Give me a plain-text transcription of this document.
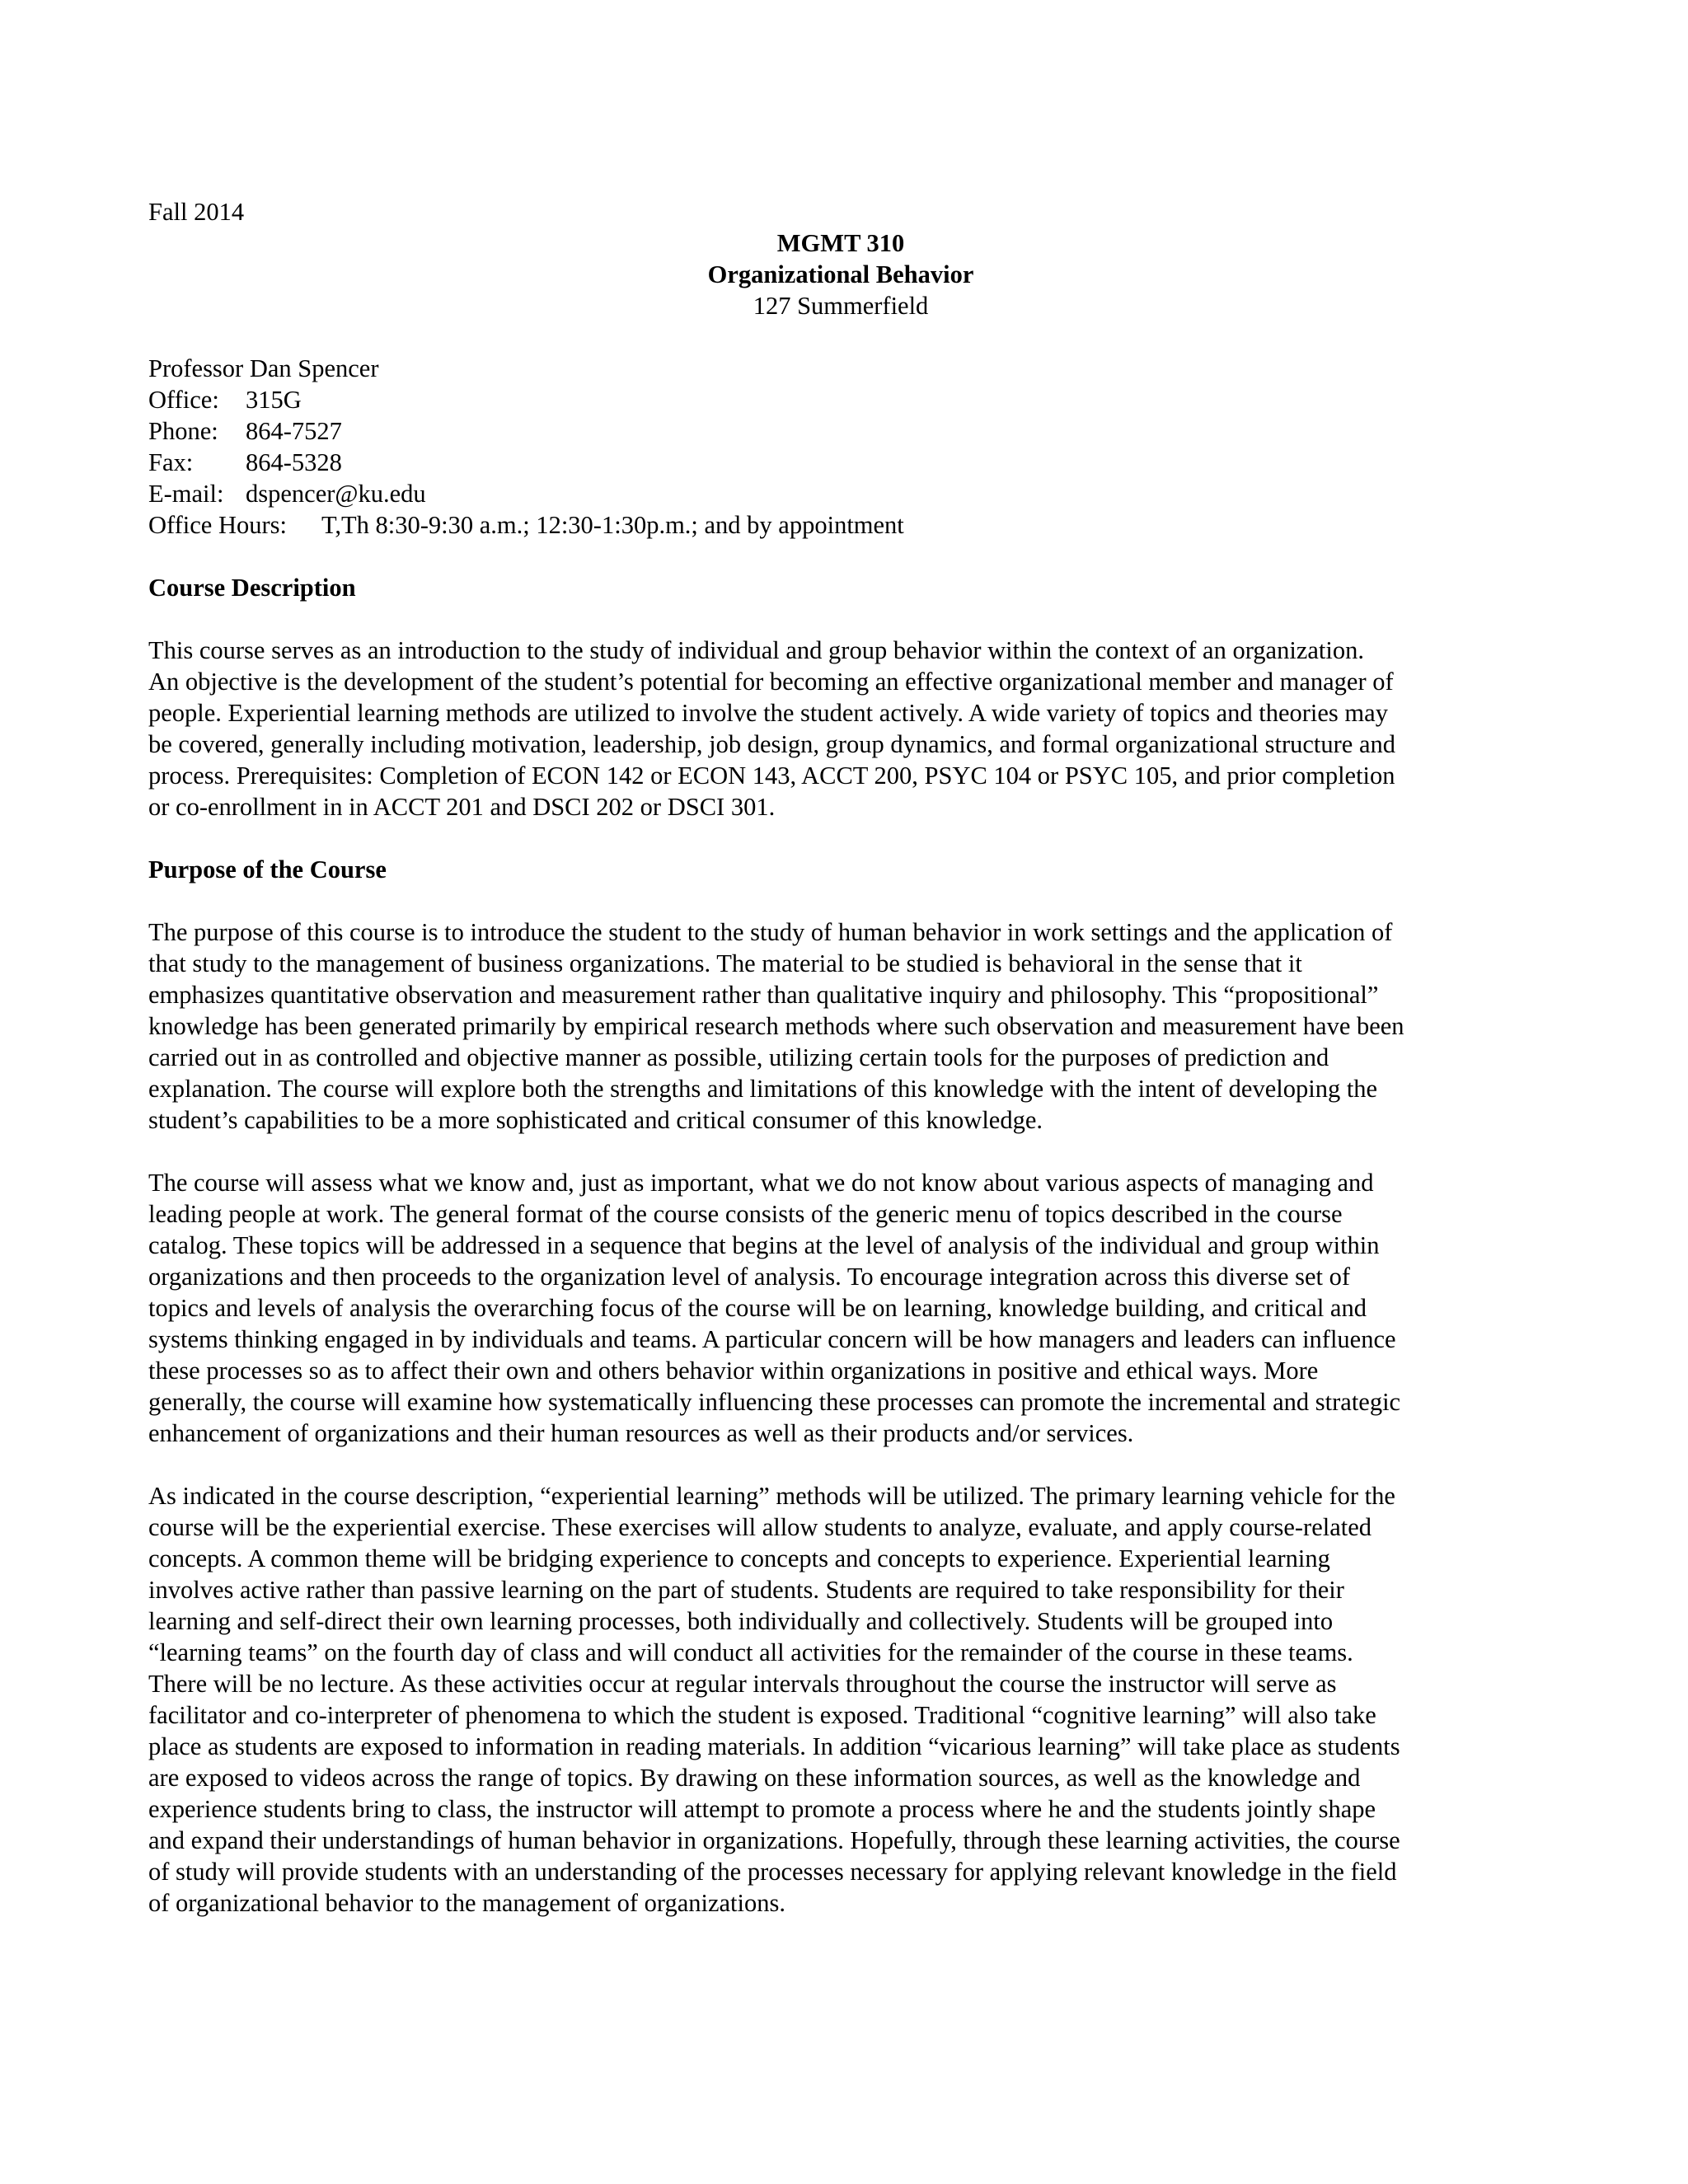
Fall 2014
MGMT 310
Organizational Behavior
127 Summerfield
Professor Dan Spencer
Office:	315G
Phone:	864-7527
Fax:	864-5328
E-mail: dspencer@ku.edu
Office Hours:	T,Th 8:30-9:30 a.m.; 12:30-1:30p.m.; and by appointment
Course Description
This course serves as an introduction to the study of individual and group behavior within the context of an organization.
An objective is the development of the student’s potential for becoming an effective organizational member and manager of
people. Experiential learning methods are utilized to involve the student actively. A wide variety of topics and theories may
be covered, generally including motivation, leadership, job design, group dynamics, and formal organizational structure and
process. Prerequisites: Completion of ECON 142 or ECON 143, ACCT 200, PSYC 104 or PSYC 105, and prior completion
or co-enrollment in in ACCT 201 and DSCI 202 or DSCI 301.
Purpose of the Course
The purpose of this course is to introduce the student to the study of human behavior in work settings and the application of
that study to the management of business organizations. The material to be studied is behavioral in the sense that it
emphasizes quantitative observation and measurement rather than qualitative inquiry and philosophy. This “propositional”
knowledge has been generated primarily by empirical research methods where such observation and measurement have been
carried out in as controlled and objective manner as possible, utilizing certain tools for the purposes of prediction and
explanation. The course will explore both the strengths and limitations of this knowledge with the intent of developing the
student’s capabilities to be a more sophisticated and critical consumer of this knowledge.
The course will assess what we know and, just as important, what we do not know about various aspects of managing and
leading people at work. The general format of the course consists of the generic menu of topics described in the course
catalog. These topics will be addressed in a sequence that begins at the level of analysis of the individual and group within
organizations and then proceeds to the organization level of analysis. To encourage integration across this diverse set of
topics and levels of analysis the overarching focus of the course will be on learning, knowledge building, and critical and
systems thinking engaged in by individuals and teams. A particular concern will be how managers and leaders can influence
these processes so as to affect their own and others behavior within organizations in positive and ethical ways. More
generally, the course will examine how systematically influencing these processes can promote the incremental and strategic
enhancement of organizations and their human resources as well as their products and/or services.
As indicated in the course description, “experiential learning” methods will be utilized. The primary learning vehicle for the
course will be the experiential exercise. These exercises will allow students to analyze, evaluate, and apply course-related
concepts. A common theme will be bridging experience to concepts and concepts to experience. Experiential learning
involves active rather than passive learning on the part of students. Students are required to take responsibility for their
learning and self-direct their own learning processes, both individually and collectively. Students will be grouped into
“learning teams” on the fourth day of class and will conduct all activities for the remainder of the course in these teams.
There will be no lecture. As these activities occur at regular intervals throughout the course the instructor will serve as
facilitator and co-interpreter of phenomena to which the student is exposed. Traditional “cognitive learning” will also take
place as students are exposed to information in reading materials. In addition “vicarious learning” will take place as students
are exposed to videos across the range of topics. By drawing on these information sources, as well as the knowledge and
experience students bring to class, the instructor will attempt to promote a process where he and the students jointly shape
and expand their understandings of human behavior in organizations. Hopefully, through these learning activities, the course
of study will provide students with an understanding of the processes necessary for applying relevant knowledge in the field
of organizational behavior to the management of organizations.
